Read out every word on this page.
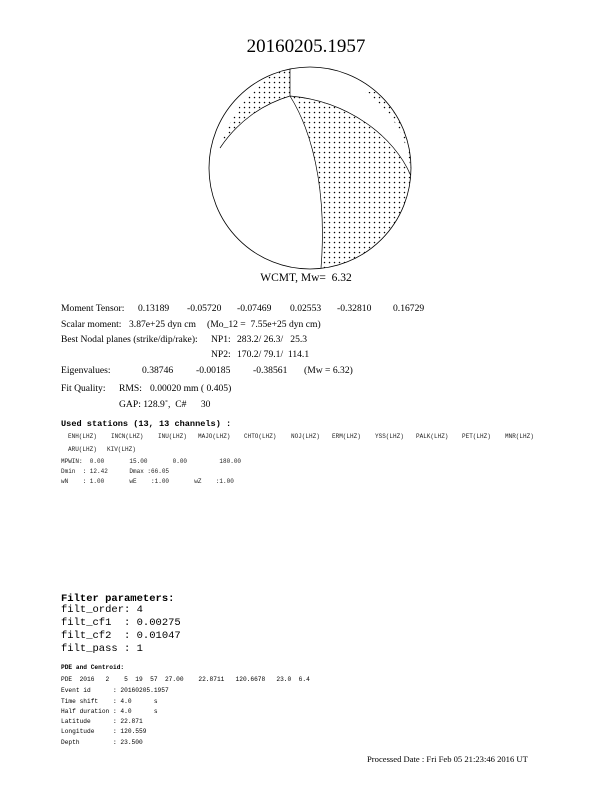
20160205.1957
WCMT, Mw=  6.32
Moment Tensor: 0.13189 -0.05720 -0.07469 0.02553 -0.32810 0.16729
Scalar moment: 3.87e+25 dyn cm (Mo_12 =  7.55e+25 dyn cm)
Best Nodal planes (strike/dip/rake): NP1: 283.2/ 26.3/   25.3
NP2: 170.2/ 79.1/  114.1
Eigenvalues:	0.38746 -0.00185 -0.38561 (Mw = 6.32)
Fit Quality: RMS: 0.00020 mm ( 0.405)
GAP: 128.9˚,  C#      30
Used stations (13, 13 channels) :
ENH(LHZ) INCN(LHZ) INU(LHZ) MAJO(LHZ) CHTO(LHZ) NOJ(LHZ) ERM(LHZ) YSS(LHZ) PALK(LHZ) PET(LHZ) MNR(LHZ)
ARU(LHZ) KIV(LHZ)
MPWIN:  0.00       15.00       0.00         180.00
Dmin  : 12.42      Dmax :66.05
wN    : 1.00       wE    :1.00       wZ    :1.00
Filter parameters:
filt_order: 4
filt_cf1  : 0.00275
filt_cf2  : 0.01047
filt_pass : 1
PDE and Centroid:
PDE  2016   2    5  19  57  27.00    22.8711   120.6678   23.0  6.4
Event id      : 20160205.1957
Time shift    : 4.0      s
Half duration : 4.0      s
Latitude      : 22.871
Longitude     : 120.559
Depth         : 23.500
Processed Date : Fri Feb 05 21:23:46 2016 UT
